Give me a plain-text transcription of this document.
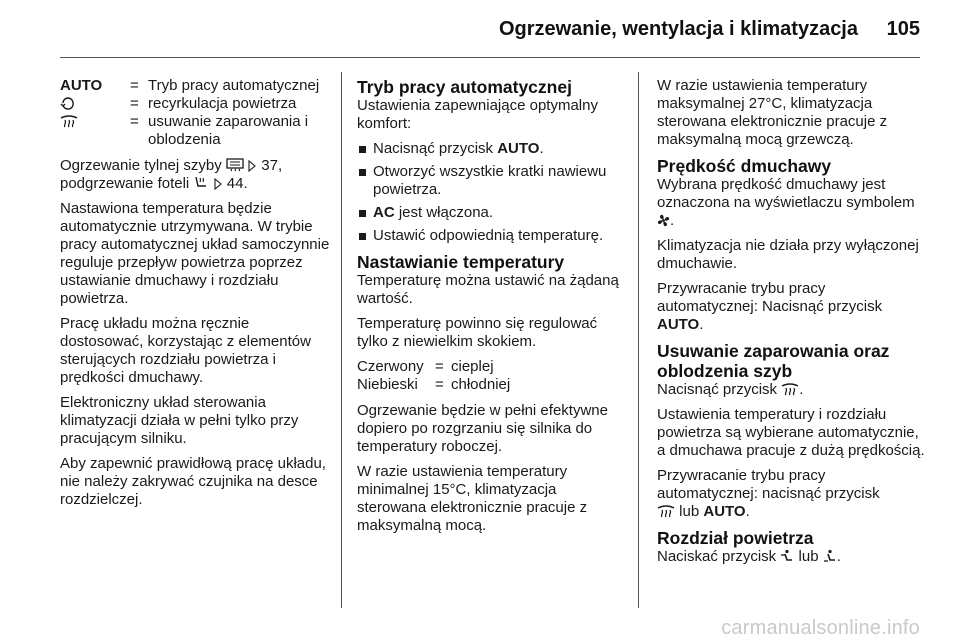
Ogrzewanie, wentylacja i klimatyzacja 105
AUTO	=	Tryb pracy automatycznej
	=	recyrkulacja powietrza
	=	usuwanie zaparowania i oblodzenia

Ogrzewanie tylnej szyby	37,
podgrzewanie foteli	44.

Nastawiona temperatura będzie automatycznie utrzymywana. W trybie pracy automatycznej układ samoczynnie reguluje przepływ powietrza poprzez ustawianie dmuchawy i rozdziału powietrza.

Pracę układu można ręcznie dostosować, korzystając z elementów sterujących rozdziału powietrza i prędkości dmuchawy.

Elektroniczny układ sterowania klimatyzacji działa w pełni tylko przy pracującym silniku.

Aby zapewnić prawidłową pracę układu, nie należy zakrywać czujnika na desce rozdzielczej.

Tryb pracy automatycznej

Ustawienia zapewniające optymalny komfort:

Nacisnąć przycisk AUTO.
Otworzyć wszystkie kratki nawiewu powietrza.
AC jest włączona.
Ustawić odpowiednią temperaturę.
Nastawianie temperatury

Temperaturę można ustawić na żądaną wartość.

Temperaturę powinno się regulować tylko z niewielkim skokiem.

Czerwony	=	cieplej
Niebieski	=	chłodniej

Ogrzewanie będzie w pełni efektywne dopiero po rozgrzaniu się silnika do temperatury roboczej.

W razie ustawienia temperatury minimalnej 15°C, klimatyzacja sterowana elektronicznie pracuje z maksymalną mocą.

W razie ustawienia temperatury maksymalnej 27°C, klimatyzacja sterowana elektronicznie pracuje z maksymalną mocą grzewczą.

Prędkość dmuchawy

Wybrana prędkość dmuchawy jest oznaczona na wyświetlaczu symbolem .

Klimatyzacja nie działa przy wyłączonej dmuchawie.

Przywracanie trybu pracy automatycznej: Nacisnąć przycisk AUTO.

Usuwanie zaparowania oraz oblodzenia szyb

Nacisnąć przycisk .

Ustawienia temperatury i rozdziału powietrza są wybierane automatycznie, a dmuchawa pracuje z dużą prędkością.

Przywracanie trybu pracy automatycznej: nacisnąć przycisk
lub AUTO.

Rozdział powietrza

Naciskać przycisk  lub .

carmanualsonline.info
